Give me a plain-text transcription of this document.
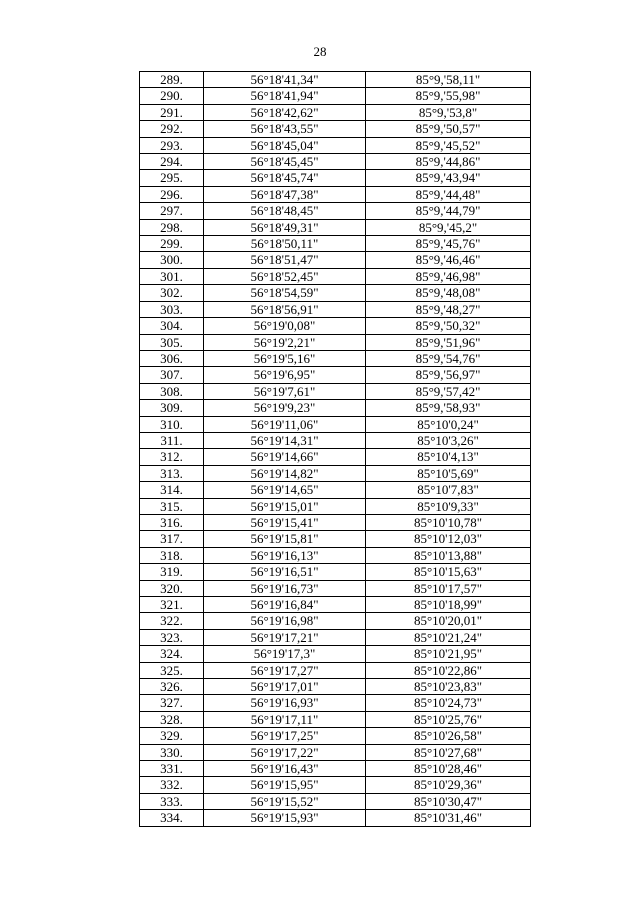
28
289.	56°18'41,34"	85°9,'58,11"
290.	56°18'41,94"	85°9,'55,98"
291.	56°18'42,62"	85°9,'53,8"
292.	56°18'43,55"	85°9,'50,57"
293.	56°18'45,04"	85°9,'45,52"
294.	56°18'45,45"	85°9,'44,86"
295.	56°18'45,74"	85°9,'43,94"
296.	56°18'47,38"	85°9,'44,48"
297.	56°18'48,45"	85°9,'44,79"
298.	56°18'49,31"	85°9,'45,2"
299.	56°18'50,11"	85°9,'45,76"
300.	56°18'51,47"	85°9,'46,46"
301.	56°18'52,45"	85°9,'46,98"
302.	56°18'54,59"	85°9,'48,08"
303.	56°18'56,91"	85°9,'48,27"
304.	56°19'0,08"	85°9,'50,32"
305.	56°19'2,21"	85°9,'51,96"
306.	56°19'5,16"	85°9,'54,76"
307.	56°19'6,95"	85°9,'56,97"
308.	56°19'7,61"	85°9,'57,42"
309.	56°19'9,23"	85°9,'58,93"
310.	56°19'11,06"	85°10'0,24"
311.	56°19'14,31"	85°10'3,26"
312.	56°19'14,66"	85°10'4,13"
313.	56°19'14,82"	85°10'5,69"
314.	56°19'14,65"	85°10'7,83"
315.	56°19'15,01"	85°10'9,33"
316.	56°19'15,41"	85°10'10,78"
317.	56°19'15,81"	85°10'12,03"
318.	56°19'16,13"	85°10'13,88"
319.	56°19'16,51"	85°10'15,63"
320.	56°19'16,73"	85°10'17,57"
321.	56°19'16,84"	85°10'18,99"
322.	56°19'16,98"	85°10'20,01"
323.	56°19'17,21"	85°10'21,24"
324.	56°19'17,3"	85°10'21,95"
325.	56°19'17,27"	85°10'22,86"
326.	56°19'17,01"	85°10'23,83"
327.	56°19'16,93"	85°10'24,73"
328.	56°19'17,11"	85°10'25,76"
329.	56°19'17,25"	85°10'26,58"
330.	56°19'17,22"	85°10'27,68"
331.	56°19'16,43"	85°10'28,46"
332.	56°19'15,95"	85°10'29,36"
333.	56°19'15,52"	85°10'30,47"
334.	56°19'15,93"	85°10'31,46"
